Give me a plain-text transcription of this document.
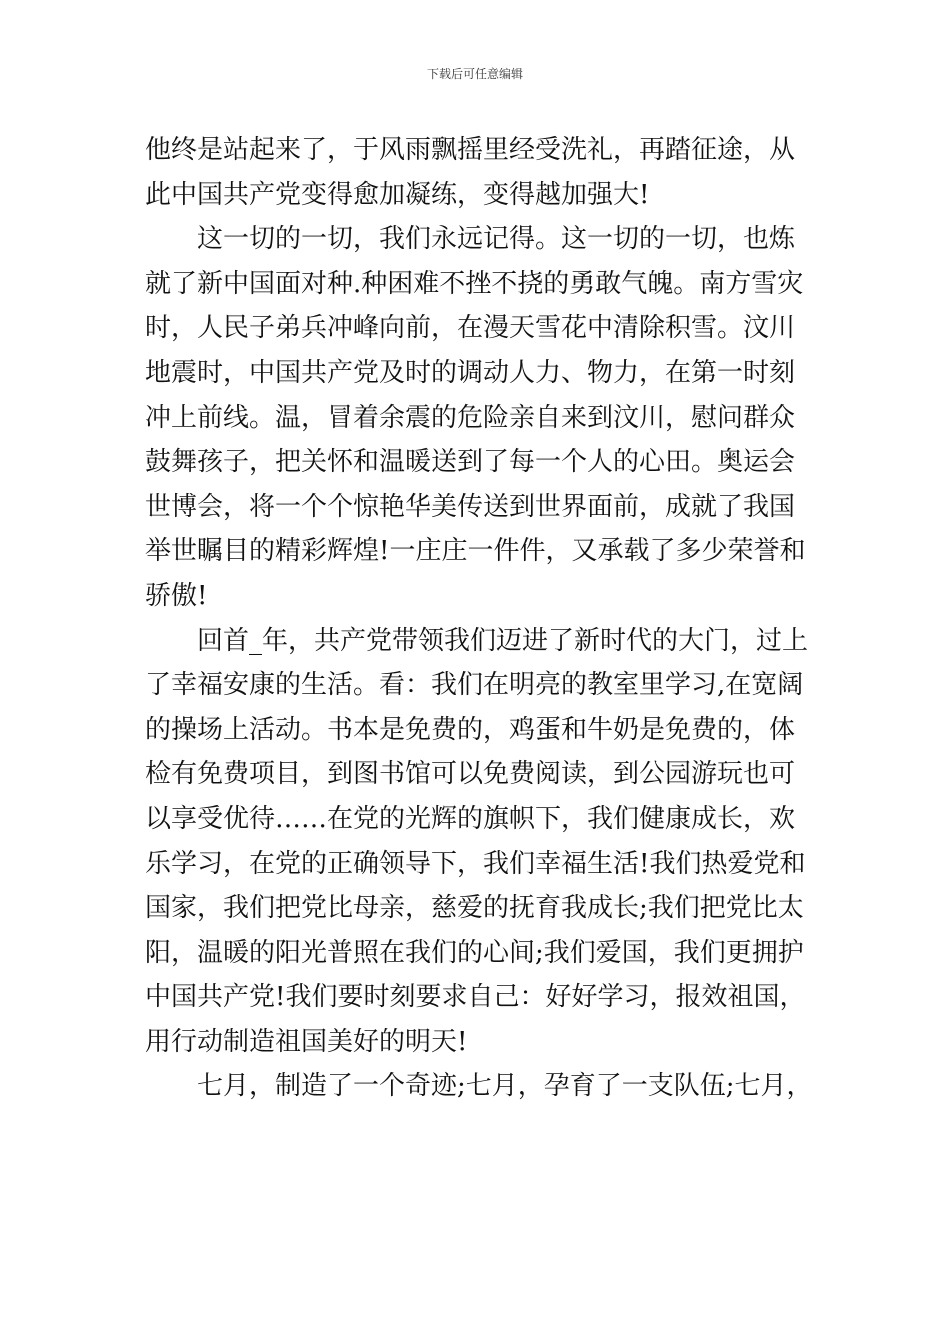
下载后可任意编辑

他终是站起来了，于风雨飘摇里经受洗礼，再踏征途，从
此中国共产党变得愈加凝练，变得越加强大!

这一切的一切，我们永远记得。这一切的一切，也炼
就了新中国面对种.种困难不挫不挠的勇敢气魄。南方雪灾
时，人民子弟兵冲峰向前，在漫天雪花中清除积雪。汶川
地震时，中国共产党及时的调动人力、物力，在第一时刻
冲上前线。温，冒着余震的危险亲自来到汶川，慰问群众
鼓舞孩子，把关怀和温暖送到了每一个人的心田。奥运会
世博会，将一个个惊艳华美传送到世界面前，成就了我国
举世瞩目的精彩辉煌!一庄庄一件件，又承载了多少荣誉和
骄傲!

回首_年，共产党带领我们迈进了新时代的大门，过上
了幸福安康的生活。看：我们在明亮的教室里学习,在宽阔
的操场上活动。书本是免费的，鸡蛋和牛奶是免费的，体
检有免费项目，到图书馆可以免费阅读，到公园游玩也可
以享受优待……在党的光辉的旗帜下，我们健康成长，欢
乐学习，在党的正确领导下，我们幸福生活!我们热爱党和
国家，我们把党比母亲，慈爱的抚育我成长;我们把党比太
阳，温暖的阳光普照在我们的心间;我们爱国，我们更拥护
中国共产党!我们要时刻要求自己：好好学习，报效祖国，
用行动制造祖国美好的明天!

七月，制造了一个奇迹;七月，孕育了一支队伍;七月，
